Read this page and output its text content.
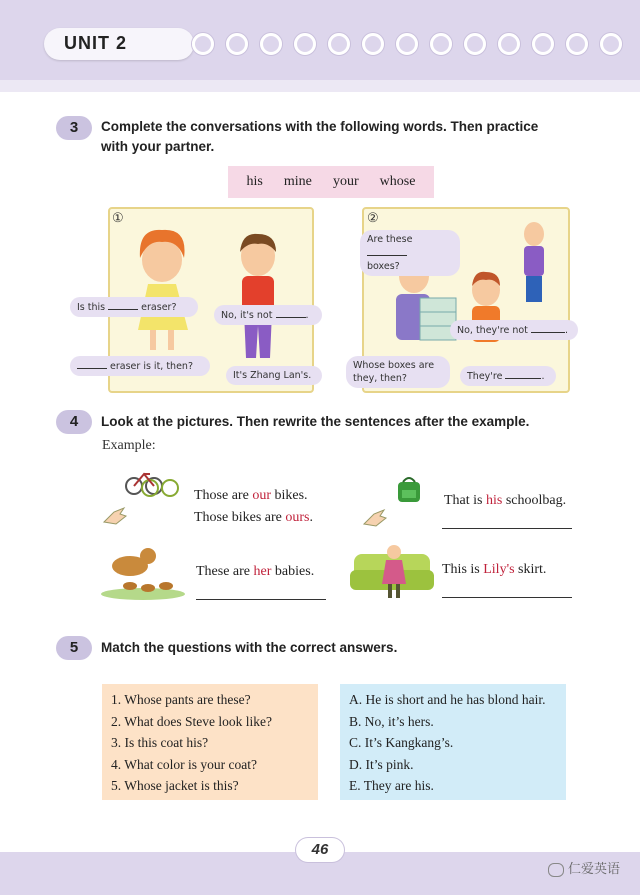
UNIT 2
3	Complete the conversations with the following words. Then practice
with your partner.
his mine your whose
①
Is this	eraser?
No, it's not	.
eraser is it, then?
It's Zhang Lan's.
②
Are these
boxes?
No, they're not	.
Whose boxes are they, then?	They're	.
4	Look at the pictures. Then rewrite the sentences after the example.
Example:
Those are our bikes.
Those bikes are ours.
That is his schoolbag.
These are her babies.	This is Lily's skirt.
5	Match the questions with the correct answers.
1. Whose pants are these?
2. What does Steve look like?
3. Is this coat his?
4. What color is your coat?
5. Whose jacket is this?
A. He is short and he has blond hair.
B. No, it’s hers.
C. It’s Kangkang’s.
D. It’s pink.
E. They are his.
46
仁爱英语
